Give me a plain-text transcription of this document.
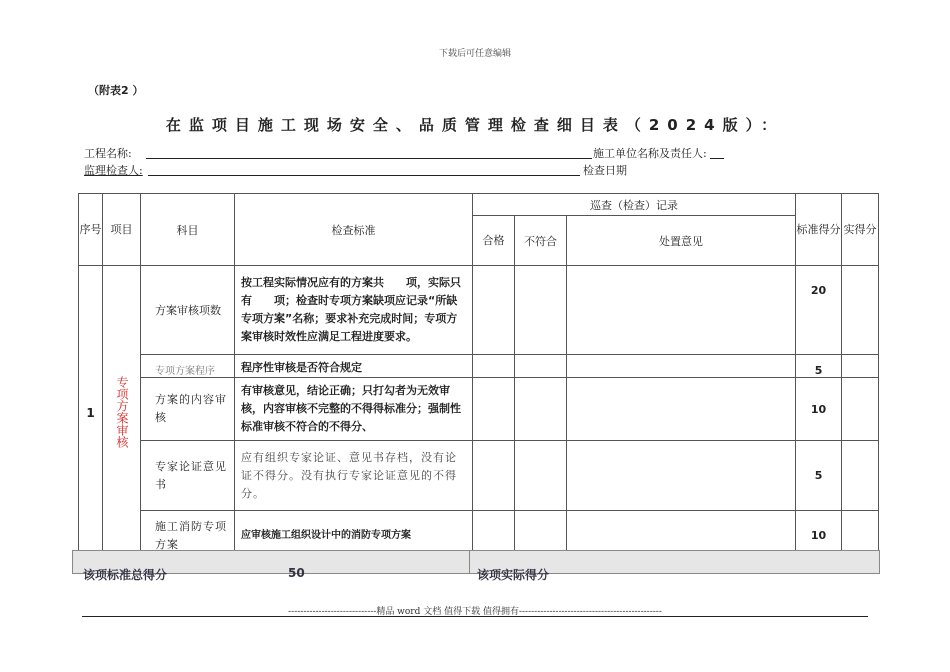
下载后可任意编辑
（附表2 ）
在监项目施工现场安全、品质管理检查细目表（2024版）：
工程名称:	施工单位名称及责任人:
监理检查人:	检查日期
序号	项目	科目	检查标准	巡查（检查）记录			标准得分	实得分
				合格	不符合	处置意见		
1	专项方案审核	方案审核项数	按工程实际情况应有的方案共　　项，实际只有　　项；检查时专项方案缺项应记录“所缺专项方案”名称；要求补充完成时间；专项方案审核时效性应满足工程进度要求。				20	
		专项方案程序	程序性审核是否符合规定				5	
		方案的内容审核	有审核意见，结论正确；只打勾者为无效审核，内容审核不完整的不得得标准分；强制性标准审核不符合的不得分、				10	
		专家论证意见书	应有组织专家论证、意见书存档，没有论证不得分。没有执行专家论证意见的不得分。				5	
		施工消防专项方案	应审核施工组织设计中的消防专项方案				10	
该项标准总得分	50	该项实际得分
-----------------------------精品 word 文档 值得下载 值得拥有-----------------------------------------------
